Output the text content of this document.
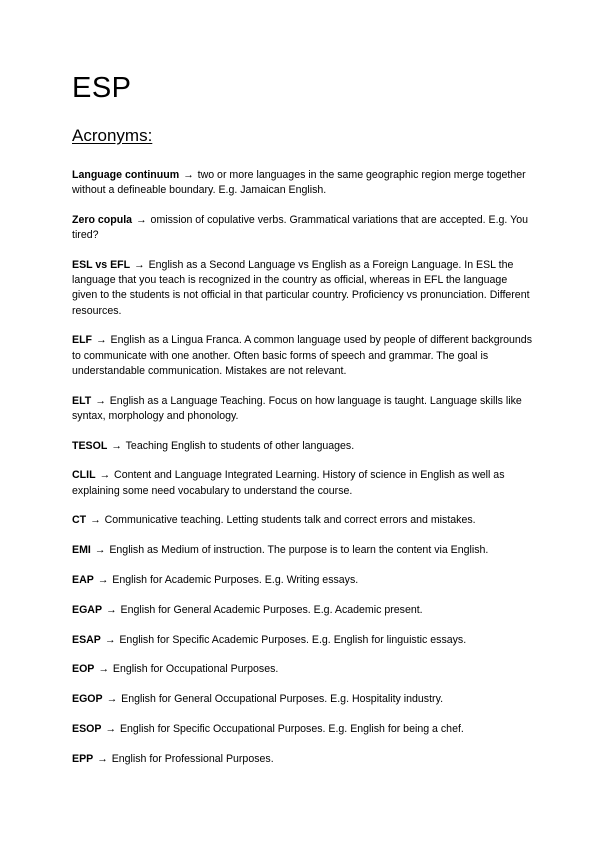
ESP
Acronyms:

Language continuum → two or more languages in the same geographic region merge together without a defineable boundary. E.g. Jamaican English.

Zero copula → omission of copulative verbs. Grammatical variations that are accepted. E.g. You tired?

ESL vs EFL → English as a Second Language vs English as a Foreign Language. In ESL the language that you teach is recognized in the country as official, whereas in EFL the language given to the students is not official in that particular country. Proficiency vs pronunciation. Different resources.

ELF → English as a Lingua Franca. A common language used by people of different backgrounds to communicate with one another. Often basic forms of speech and grammar. The goal is understandable communication. Mistakes are not relevant.

ELT → English as a Language Teaching. Focus on how language is taught. Language skills like syntax, morphology and phonology.

TESOL → Teaching English to students of other languages.

CLIL → Content and Language Integrated Learning. History of science in English as well as explaining some need vocabulary to understand the course.

CT → Communicative teaching. Letting students talk and correct errors and mistakes.

EMI → English as Medium of instruction. The purpose is to learn the content via English.

EAP → English for Academic Purposes. E.g. Writing essays.

EGAP → English for General Academic Purposes. E.g. Academic present.

ESAP → English for Specific Academic Purposes. E.g. English for linguistic essays.

EOP → English for Occupational Purposes.

EGOP → English for General Occupational Purposes. E.g. Hospitality industry.

ESOP → English for Specific Occupational Purposes. E.g. English for being a chef.

EPP → English for Professional Purposes.
